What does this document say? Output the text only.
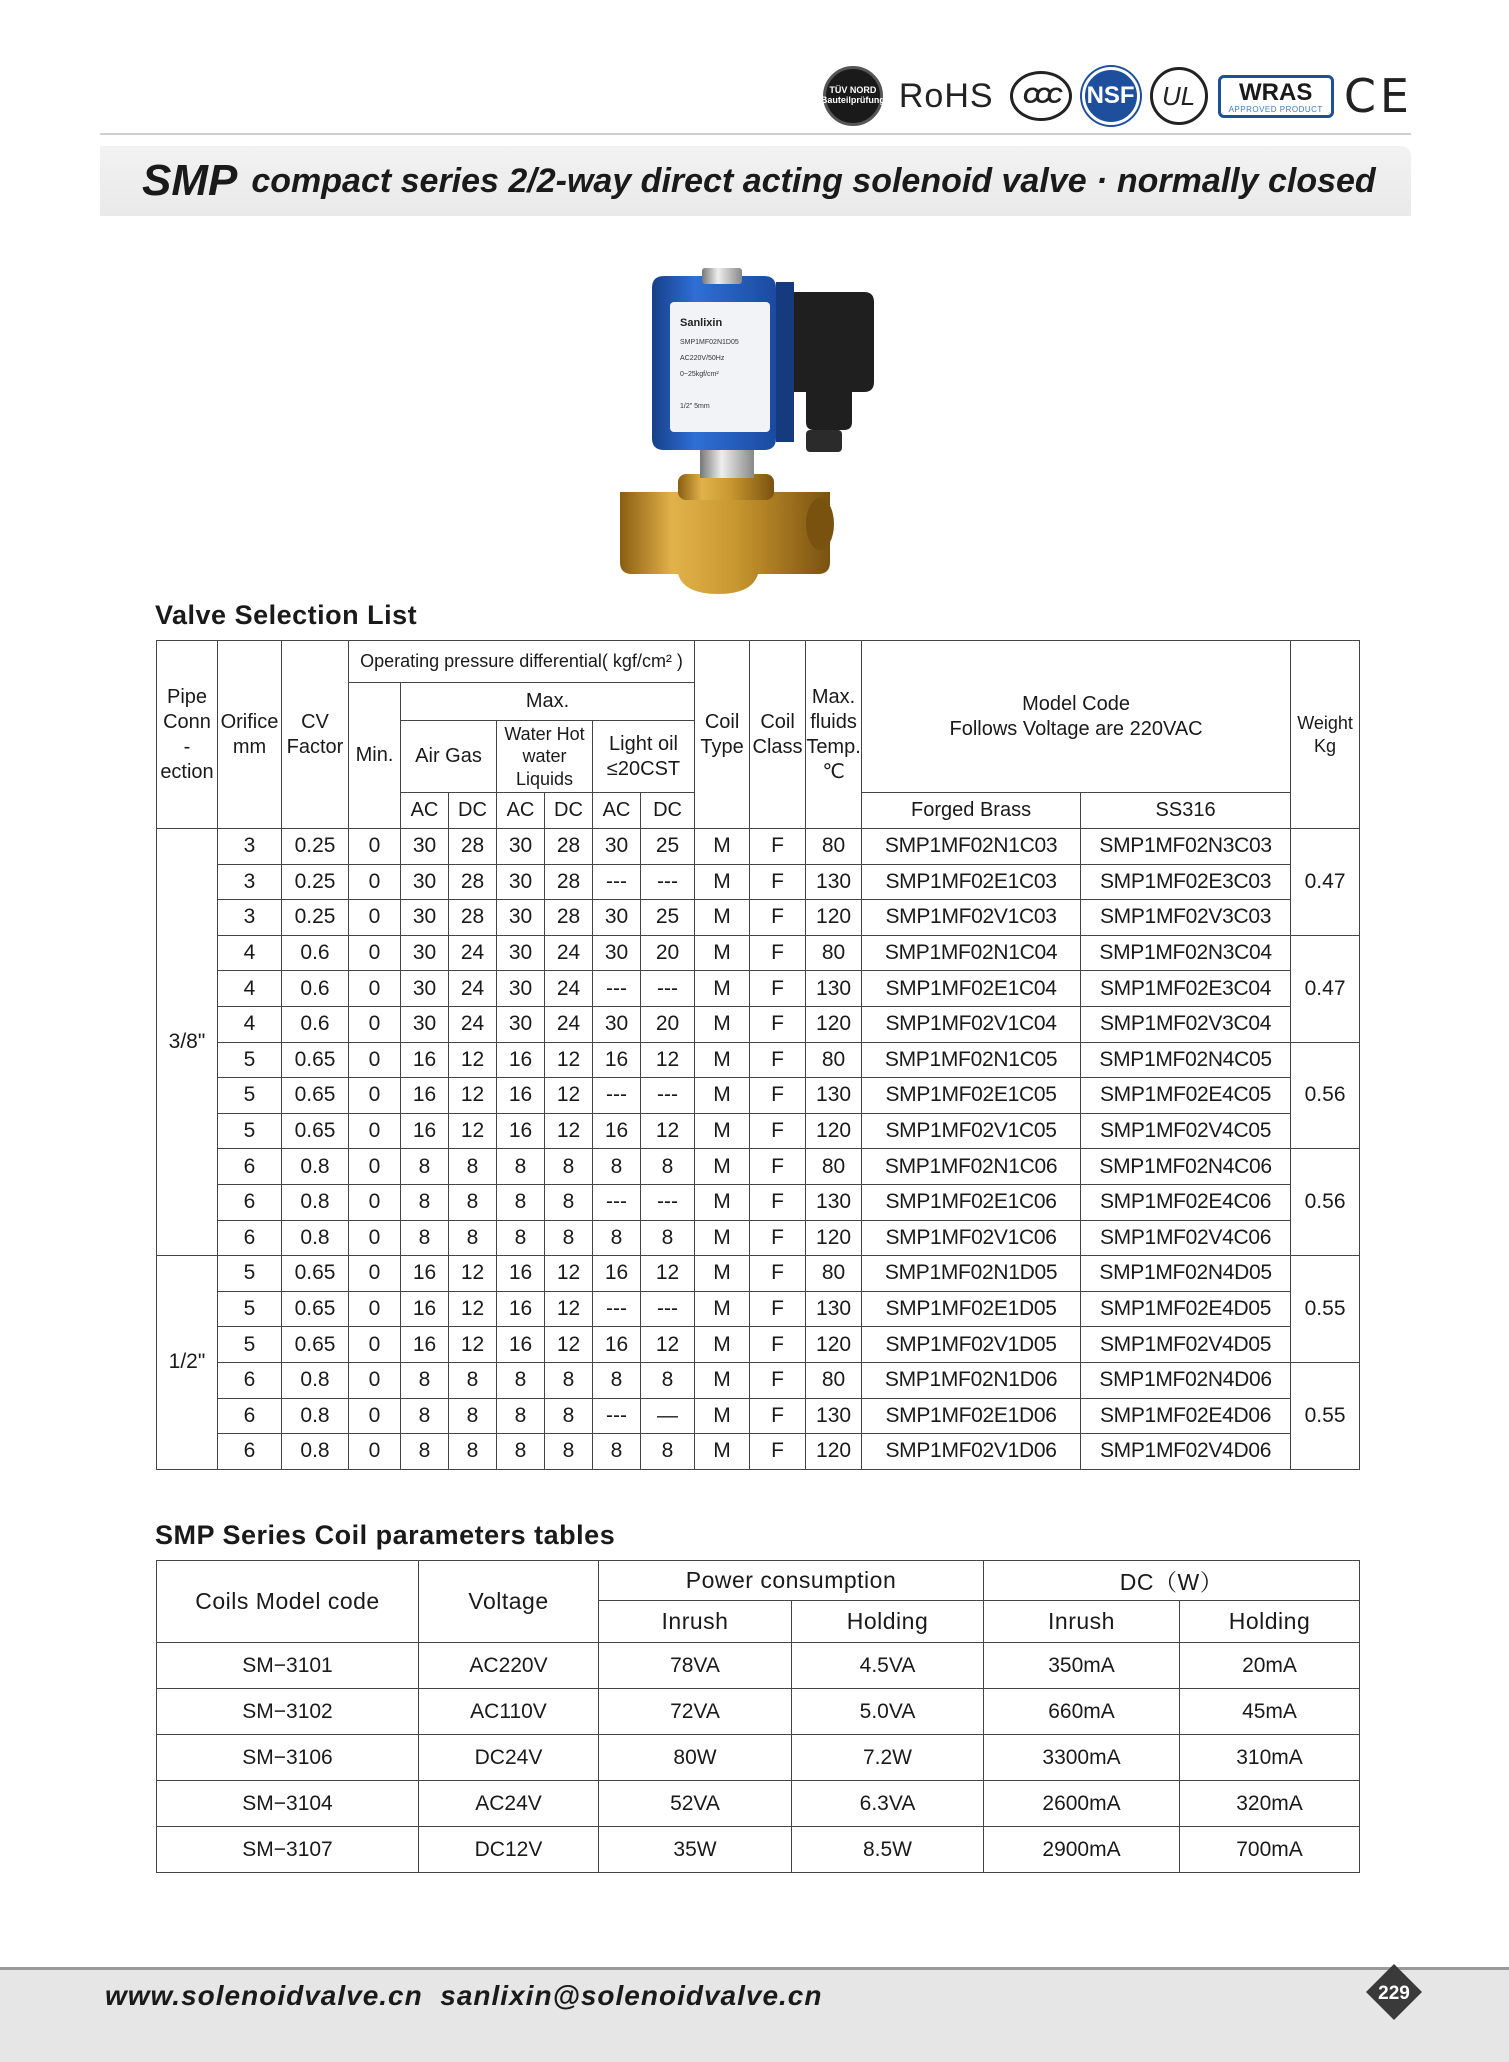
TÜV NORD Bauteilprüfung RoHS	CCC	NSF	UL	WRAS
APPROVED PRODUCT CE
SMP compact series 2/2-way direct acting solenoid valve · normally closed
Sanlixin
SMP1MF02N1D05
AC220V/50Hz
0~25kgf/cm²
1/2" 5mm
Valve Selection List
Pipe Conn -ection	Orifice mm	CV Factor	Operating pressure differential( kgf/cm² )							Coil Type	Coil Class	Max. fluids Temp. ℃	Model Code
Follows Voltage are 220VAC		Weight Kg
			Min.	Max.											
				Air Gas		Water Hot water Liquids		Light oil ≤20CST							
				AC	DC	AC	DC	AC	DC				Forged Brass	SS316	
3/8"	3	0.25	0	30	28	30	28	30	25	M	F	80	SMP1MF02N1C03	SMP1MF02N3C03	0.47
	3	0.25	0	30	28	30	28	---	---	M	F	130	SMP1MF02E1C03	SMP1MF02E3C03	
	3	0.25	0	30	28	30	28	30	25	M	F	120	SMP1MF02V1C03	SMP1MF02V3C03	
	4	0.6	0	30	24	30	24	30	20	M	F	80	SMP1MF02N1C04	SMP1MF02N3C04	0.47
	4	0.6	0	30	24	30	24	---	---	M	F	130	SMP1MF02E1C04	SMP1MF02E3C04	
	4	0.6	0	30	24	30	24	30	20	M	F	120	SMP1MF02V1C04	SMP1MF02V3C04	
	5	0.65	0	16	12	16	12	16	12	M	F	80	SMP1MF02N1C05	SMP1MF02N4C05	0.56
	5	0.65	0	16	12	16	12	---	---	M	F	130	SMP1MF02E1C05	SMP1MF02E4C05	
	5	0.65	0	16	12	16	12	16	12	M	F	120	SMP1MF02V1C05	SMP1MF02V4C05	
	6	0.8	0	8	8	8	8	8	8	M	F	80	SMP1MF02N1C06	SMP1MF02N4C06	0.56
	6	0.8	0	8	8	8	8	---	---	M	F	130	SMP1MF02E1C06	SMP1MF02E4C06	
	6	0.8	0	8	8	8	8	8	8	M	F	120	SMP1MF02V1C06	SMP1MF02V4C06	
1/2"	5	0.65	0	16	12	16	12	16	12	M	F	80	SMP1MF02N1D05	SMP1MF02N4D05	0.55
	5	0.65	0	16	12	16	12	---	---	M	F	130	SMP1MF02E1D05	SMP1MF02E4D05	
	5	0.65	0	16	12	16	12	16	12	M	F	120	SMP1MF02V1D05	SMP1MF02V4D05	
	6	0.8	0	8	8	8	8	8	8	M	F	80	SMP1MF02N1D06	SMP1MF02N4D06	0.55
	6	0.8	0	8	8	8	8	---	—	M	F	130	SMP1MF02E1D06	SMP1MF02E4D06	
	6	0.8	0	8	8	8	8	8	8	M	F	120	SMP1MF02V1D06	SMP1MF02V4D06	
SMP Series Coil parameters tables
Coils Model code	Voltage	Power consumption		DC（W）	
		Inrush	Holding	Inrush	Holding
SM−3101	AC220V	78VA	4.5VA	350mA	20mA
SM−3102	AC110V	72VA	5.0VA	660mA	45mA
SM−3106	DC24V	80W	7.2W	3300mA	310mA
SM−3104	AC24V	52VA	6.3VA	2600mA	320mA
SM−3107	DC12V	35W	8.5W	2900mA	700mA
www.solenoidvalve.cn sanlixin@solenoidvalve.cn	229
